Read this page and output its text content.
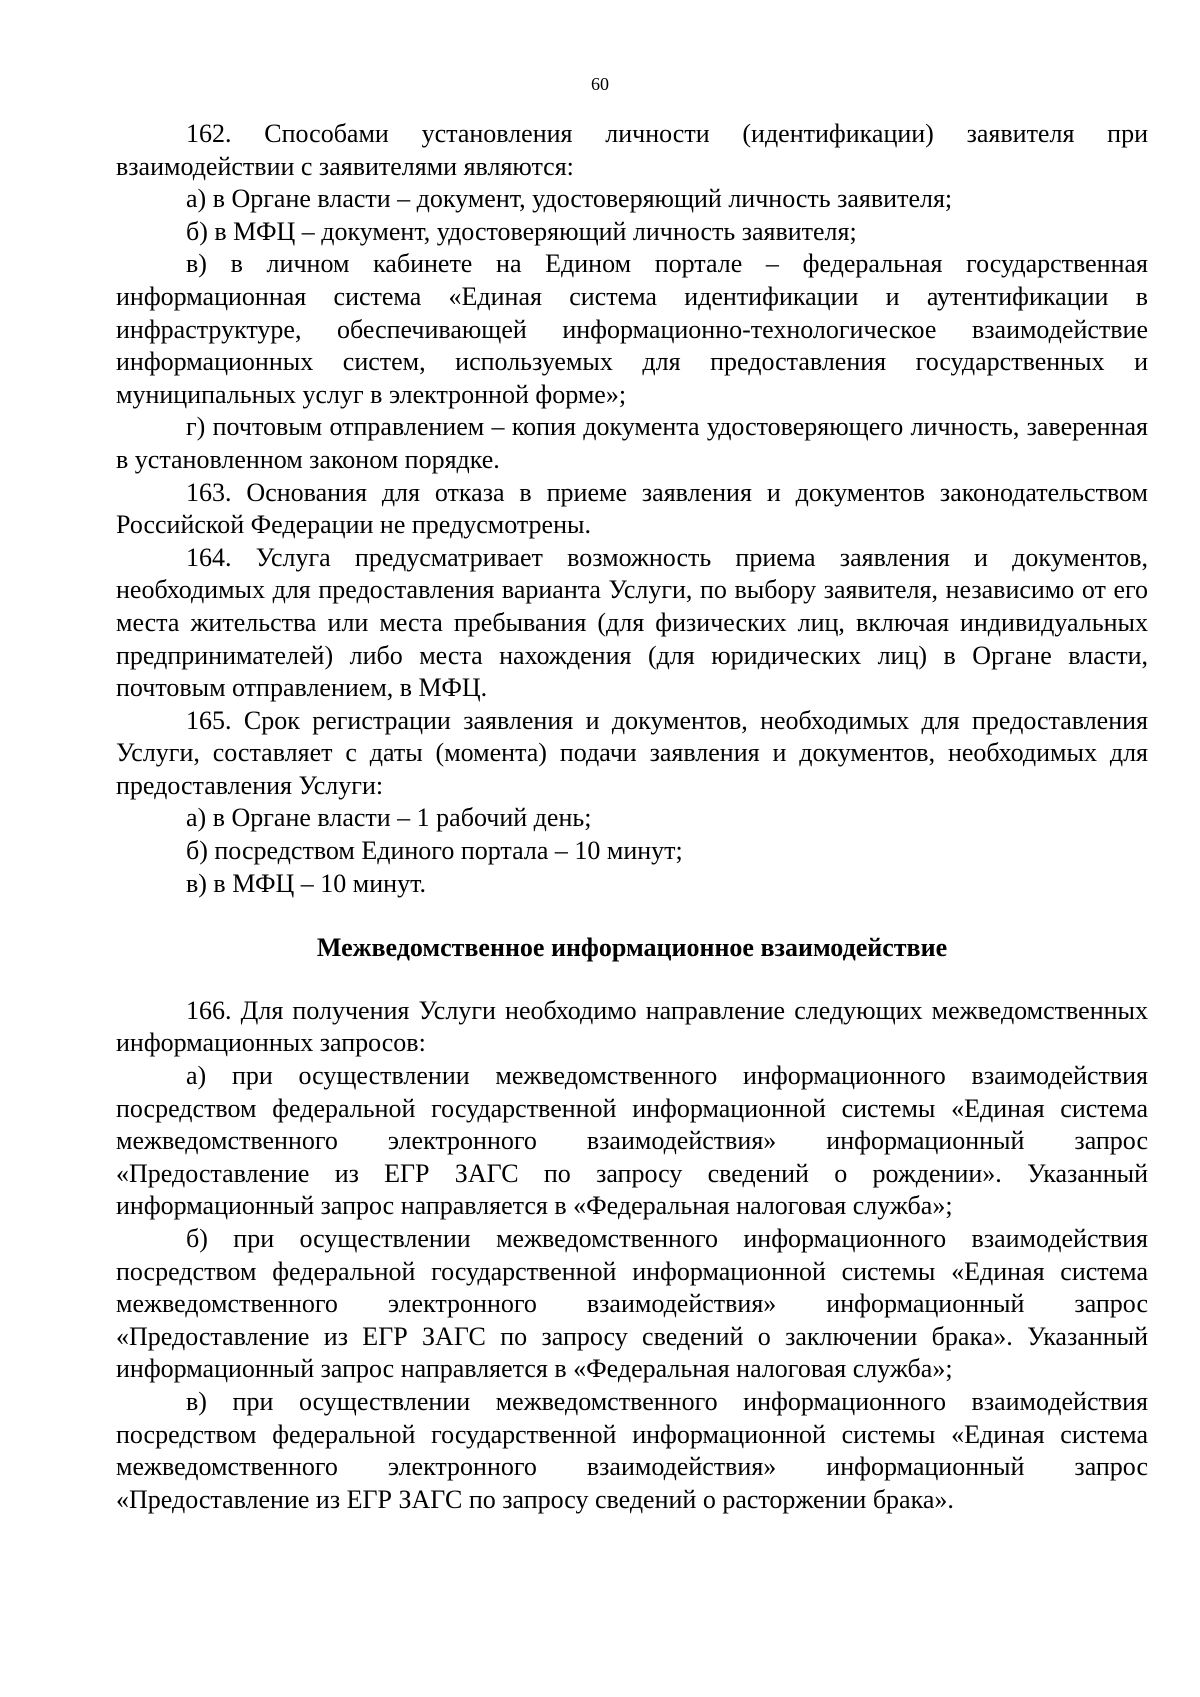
60

162. Способами установления личности (идентификации) заявителя при взаимодействии с заявителями являются:

а) в Органе власти – документ, удостоверяющий личность заявителя;

б) в МФЦ – документ, удостоверяющий личность заявителя;

в) в личном кабинете на Едином портале – федеральная государственная информационная система «Единая система идентификации и аутентификации в инфраструктуре, обеспечивающей информационно-технологическое взаимодействие информационных систем, используемых для предоставления государственных и муниципальных услуг в электронной форме»;

г) почтовым отправлением – копия документа удостоверяющего личность, заверенная в установленном законом порядке.

163. Основания для отказа в приеме заявления и документов законодательством Российской Федерации не предусмотрены.

164. Услуга предусматривает возможность приема заявления и документов, необходимых для предоставления варианта Услуги, по выбору заявителя, независимо от его места жительства или места пребывания (для физических лиц, включая индивидуальных предпринимателей) либо места нахождения (для юридических лиц) в Органе власти, почтовым отправлением, в МФЦ.

165. Срок регистрации заявления и документов, необходимых для предоставления Услуги, составляет с даты (момента) подачи заявления и документов, необходимых для предоставления Услуги:

а) в Органе власти – 1 рабочий день;

б) посредством Единого портала – 10 минут;

в) в МФЦ – 10 минут.

Межведомственное информационное взаимодействие

166. Для получения Услуги необходимо направление следующих межведомственных информационных запросов:

а) при осуществлении межведомственного информационного взаимодействия посредством федеральной государственной информационной системы «Единая система межведомственного электронного взаимодействия» информационный запрос «Предоставление из ЕГР ЗАГС по запросу сведений о рождении». Указанный информационный запрос направляется в «Федеральная налоговая служба»;

б) при осуществлении межведомственного информационного взаимодействия посредством федеральной государственной информационной системы «Единая система межведомственного электронного взаимодействия» информационный запрос «Предоставление из ЕГР ЗАГС по запросу сведений о заключении брака». Указанный информационный запрос направляется в «Федеральная налоговая служба»;

в) при осуществлении межведомственного информационного взаимодействия посредством федеральной государственной информационной системы «Единая система межведомственного электронного взаимодействия» информационный запрос «Предоставление из ЕГР ЗАГС по запросу сведений о расторжении брака».
